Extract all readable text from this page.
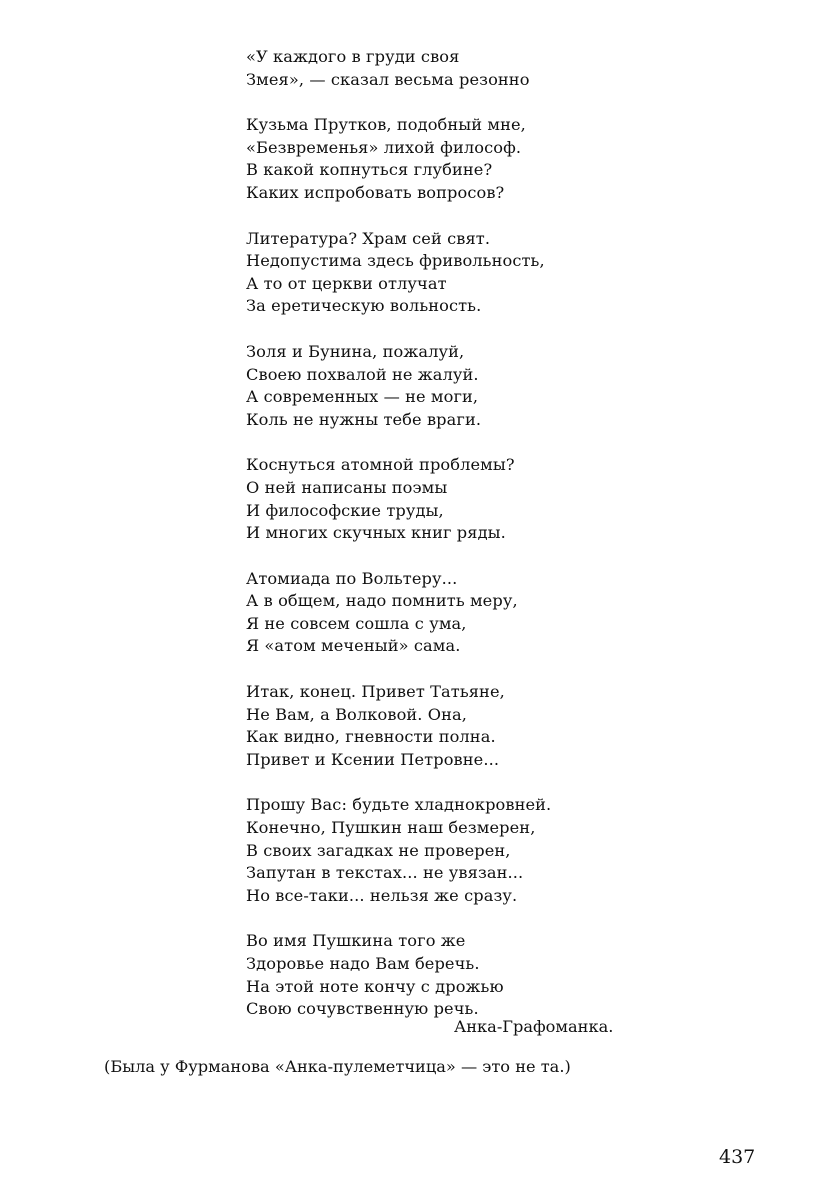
«У каждого в груди своя
Змея», — сказал весьма резонно
Кузьма Прутков, подобный мне,
«Безвременья» лихой философ.
В какой копнуться глубине?
Каких испробовать вопросов?
Литература? Храм сей свят.
Недопустима здесь фривольность,
А то от церкви отлучат
За еретическую вольность.
Золя и Бунина, пожалуй,
Своею похвалой не жалуй.
А современных — не моги,
Коль не нужны тебе враги.
Коснуться атомной проблемы?
О ней написаны поэмы
И философские труды,
И многих скучных книг ряды.
Атомиада по Вольтеру...
А в общем, надо помнить меру,
Я не совсем сошла с ума,
Я «атом меченый» сама.
Итак, конец. Привет Татьяне,
Не Вам, а Волковой. Она,
Как видно, гневности полна.
Привет и Ксении Петровне...
Прошу Вас: будьте хладнокровней.
Конечно, Пушкин наш безмерен,
В своих загадках не проверен,
Запутан в текстах... не увязан...
Но все-таки... нельзя же сразу.
Во имя Пушкина того же
Здоровье надо Вам беречь.
На этой ноте кончу с дрожью
Свою сочувственную речь.
Анка-Графоманка.
(Была у Фурманова «Анка-пулеметчица» — это не та.)
437
